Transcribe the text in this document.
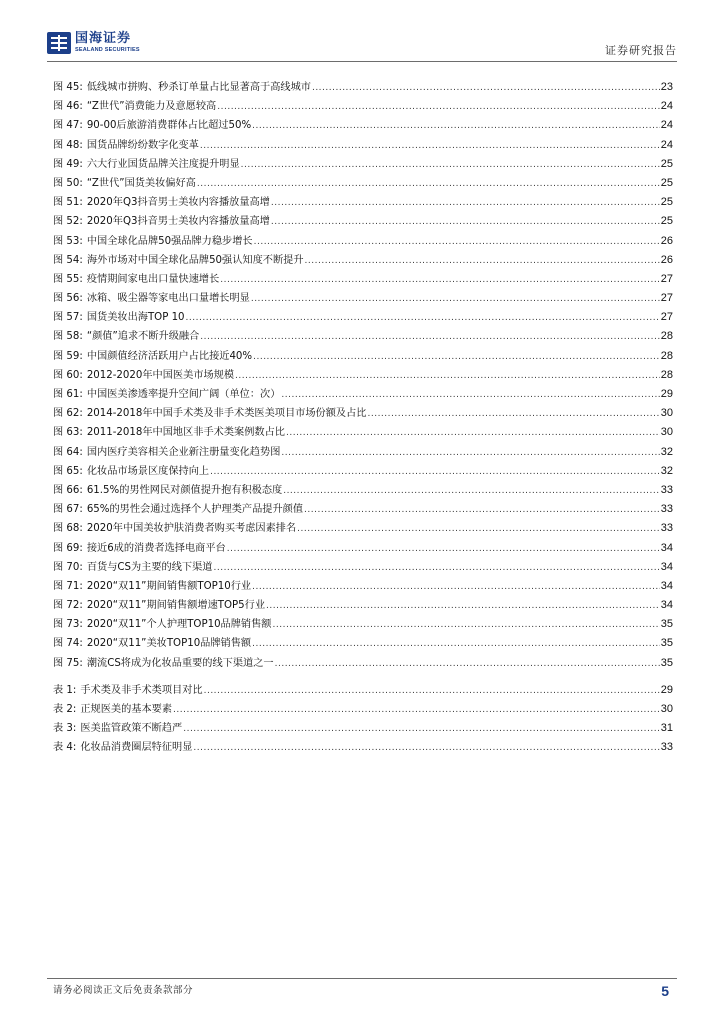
国海证券
SEALAND SECURITIES	证券研究报告
图 45: 低线城市拼购、秒杀订单量占比显著高于高线城市 .....	23
图 46: “Z世代”消费能力及意愿较高 .....	24
图 47: 90-00后旅游消费群体占比超过50% .....	24
图 48: 国货品牌纷纷数字化变革 .....	24
图 49: 六大行业国货品牌关注度提升明显 .....	25
图 50: “Z世代”国货美妆偏好高 .....	25
图 51: 2020年Q3抖音男士美妆内容播放量高增 .....	25
图 52: 2020年Q3抖音男士美妆内容播放量高增 .....	25
图 53: 中国全球化品牌50强品牌力稳步增长 .....	26
图 54: 海外市场对中国全球化品牌50强认知度不断提升 .....	26
图 55: 疫情期间家电出口量快速增长 .....	27
图 56: 冰箱、吸尘器等家电出口量增长明显 .....	27
图 57: 国货美妆出海TOP 10 .....	27
图 58: “颜值”追求不断升级融合 .....	28
图 59: 中国颜值经济活跃用户占比接近40% .....	28
图 60: 2012-2020年中国医美市场规模 .....	28
图 61: 中国医美渗透率提升空间广阔（单位：次） .....	29
图 62: 2014-2018年中国手术类及非手术类医美项目市场份额及占比 .....	30
图 63: 2011-2018年中国地区非手术类案例数占比 .....	30
图 64: 国内医疗美容相关企业新注册量变化趋势图 .....	32
图 65: 化妆品市场景区度保持向上 .....	32
图 66: 61.5%的男性网民对颜值提升抱有积极态度 .....	33
图 67: 65%的男性会通过选择个人护理类产品提升颜值 .....	33
图 68: 2020年中国美妆护肤消费者购买考虑因素排名 .....	33
图 69: 接近6成的消费者选择电商平台 .....	34
图 70: 百货与CS为主要的线下渠道 .....	34
图 71: 2020“双11”期间销售额TOP10行业 .....	34
图 72: 2020“双11”期间销售额增速TOP5行业 .....	34
图 73: 2020“双11”个人护理TOP10品牌销售额 .....	35
图 74: 2020“双11”美妆TOP10品牌销售额 .....	35
图 75: 潮流CS将成为化妆品重要的线下渠道之一 .....	35
表 1: 手术类及非手术类项目对比 .....	29
表 2: 正规医美的基本要素 .....	30
表 3: 医美监管政策不断趋严 .....	31
表 4: 化妆品消费圈层特征明显 .....	33
请务必阅读正文后免责条款部分	5
